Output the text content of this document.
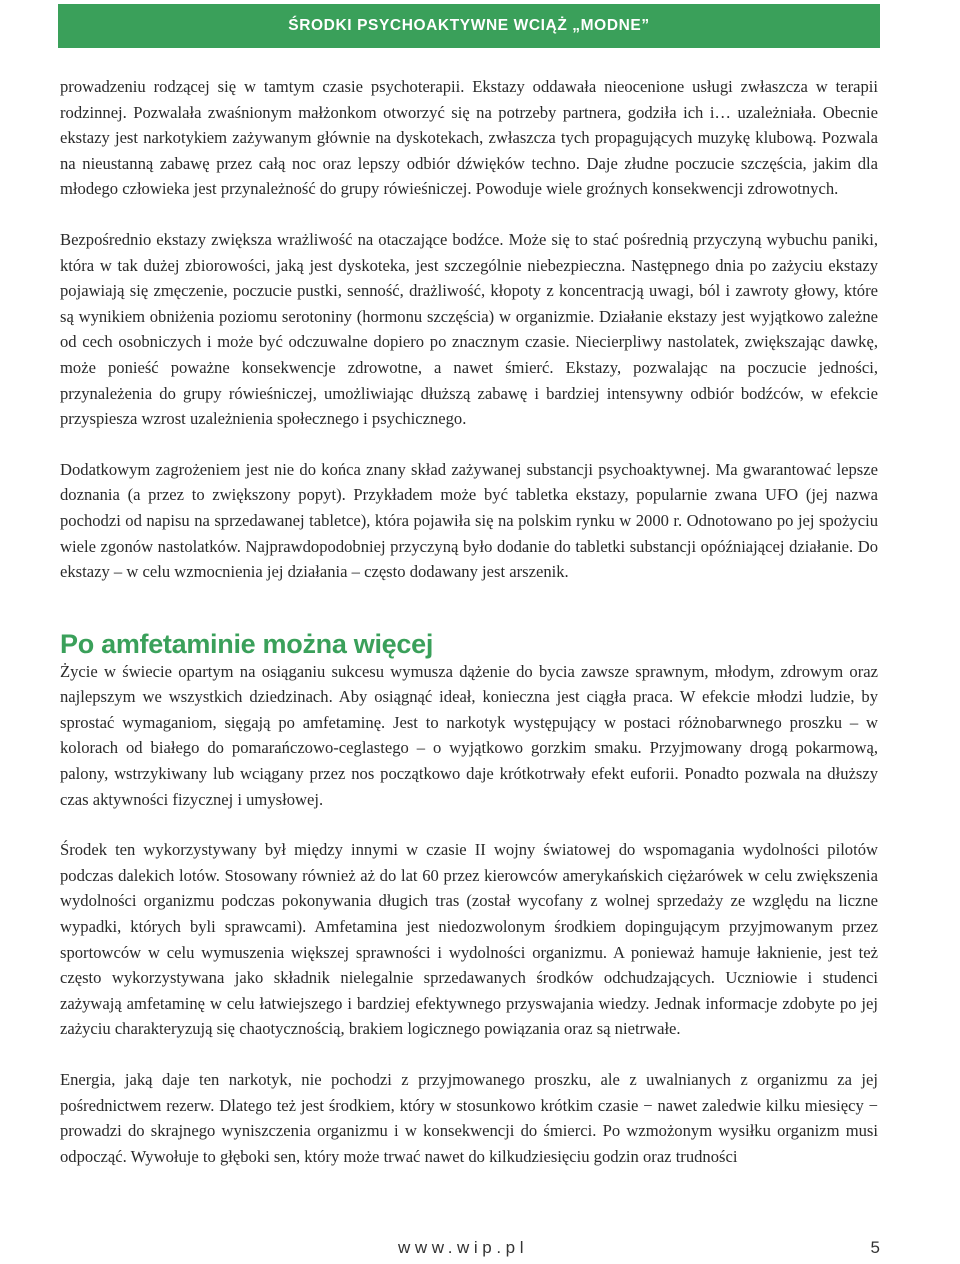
ŚRODKI PSYCHOAKTYWNE WCIĄŻ „MODNE”

prowadzeniu rodzącej się w tamtym czasie psychoterapii. Ekstazy oddawała nieocenione usługi zwłaszcza w terapii rodzinnej. Pozwalała zwaśnionym małżonkom otworzyć się na potrzeby partnera, godziła ich i… uzależniała. Obecnie ekstazy jest narkotykiem zażywanym głównie na dyskotekach, zwłaszcza tych propagujących muzykę klubową. Pozwala na nieustanną zabawę przez całą noc oraz lepszy odbiór dźwięków techno. Daje złudne poczucie szczęścia, jakim dla młodego człowieka jest przynależność do grupy rówieśniczej. Powoduje wiele groźnych konsekwencji zdrowotnych.

Bezpośrednio ekstazy zwiększa wrażliwość na otaczające bodźce. Może się to stać pośrednią przyczyną wybuchu paniki, która w tak dużej zbiorowości, jaką jest dyskoteka, jest szczególnie niebezpieczna. Następnego dnia po zażyciu ekstazy pojawiają się zmęczenie, poczucie pustki, senność, drażliwość, kłopoty z koncentracją uwagi, ból i zawroty głowy, które są wynikiem obniżenia poziomu serotoniny (hormonu szczęścia) w organizmie. Działanie ekstazy jest wyjątkowo zależne od cech osobniczych i może być odczuwalne dopiero po znacznym czasie. Niecierpliwy nastolatek, zwiększając dawkę, może ponieść poważne konsekwencje zdrowotne, a nawet śmierć. Ekstazy, pozwalając na poczucie jedności, przynależenia do grupy rówieśniczej, umożliwiając dłuższą zabawę i bardziej intensywny odbiór bodźców, w efekcie przyspiesza wzrost uzależnienia społecznego i psychicznego.

Dodatkowym zagrożeniem jest nie do końca znany skład zażywanej substancji psychoaktywnej. Ma gwarantować lepsze doznania (a przez to zwiększony popyt). Przykładem może być tabletka ekstazy, popularnie zwana UFO (jej nazwa pochodzi od napisu na sprzedawanej tabletce), która pojawiła się na polskim rynku w 2000 r. Odnotowano po jej spożyciu wiele zgonów nastolatków. Najprawdopodobniej przyczyną było dodanie do tabletki substancji opóźniającej działanie. Do ekstazy – w celu wzmocnienia jej działania – często dodawany jest arszenik.

Po amfetaminie można więcej

Życie w świecie opartym na osiąganiu sukcesu wymusza dążenie do bycia zawsze sprawnym, młodym, zdrowym oraz najlepszym we wszystkich dziedzinach. Aby osiągnąć ideał, konieczna jest ciągła praca. W efekcie młodzi ludzie, by sprostać wymaganiom, sięgają po amfetaminę. Jest to narkotyk występujący w postaci różnobarwnego proszku – w kolorach od białego do pomarańczowo-ceglastego – o wyjątkowo gorzkim smaku. Przyjmowany drogą pokarmową, palony, wstrzykiwany lub wciągany przez nos początkowo daje krótkotrwały efekt euforii. Ponadto pozwala na dłuższy czas aktywności fizycznej i umysłowej.

Środek ten wykorzystywany był między innymi w czasie II wojny światowej do wspomagania wydolności pilotów podczas dalekich lotów. Stosowany również aż do lat 60 przez kierowców amerykańskich ciężarówek w celu zwiększenia wydolności organizmu podczas pokonywania długich tras (został wycofany z wolnej sprzedaży ze względu na liczne wypadki, których byli sprawcami). Amfetamina jest niedozwolonym środkiem dopingującym przyjmowanym przez sportowców w celu wymuszenia większej sprawności i wydolności organizmu. A ponieważ hamuje łaknienie, jest też często wykorzystywana jako składnik nielegalnie sprzedawanych środków odchudzających. Uczniowie i studenci zażywają amfetaminę w celu łatwiejszego i bardziej efektywnego przyswajania wiedzy. Jednak informacje zdobyte po jej zażyciu charakteryzują się chaotycznością, brakiem logicznego powiązania oraz są nietrwałe.

Energia, jaką daje ten narkotyk, nie pochodzi z przyjmowanego proszku, ale z uwalnianych z organizmu za jej pośrednictwem rezerw. Dlatego też jest środkiem, który w stosunkowo krótkim czasie − nawet zaledwie kilku miesięcy − prowadzi do skrajnego wyniszczenia organizmu i w konsekwencji do śmierci. Po wzmożonym wysiłku organizm musi odpocząć. Wywołuje to głęboki sen, który może trwać nawet do kilkudziesięciu godzin oraz trudności

www.wip.pl	5
